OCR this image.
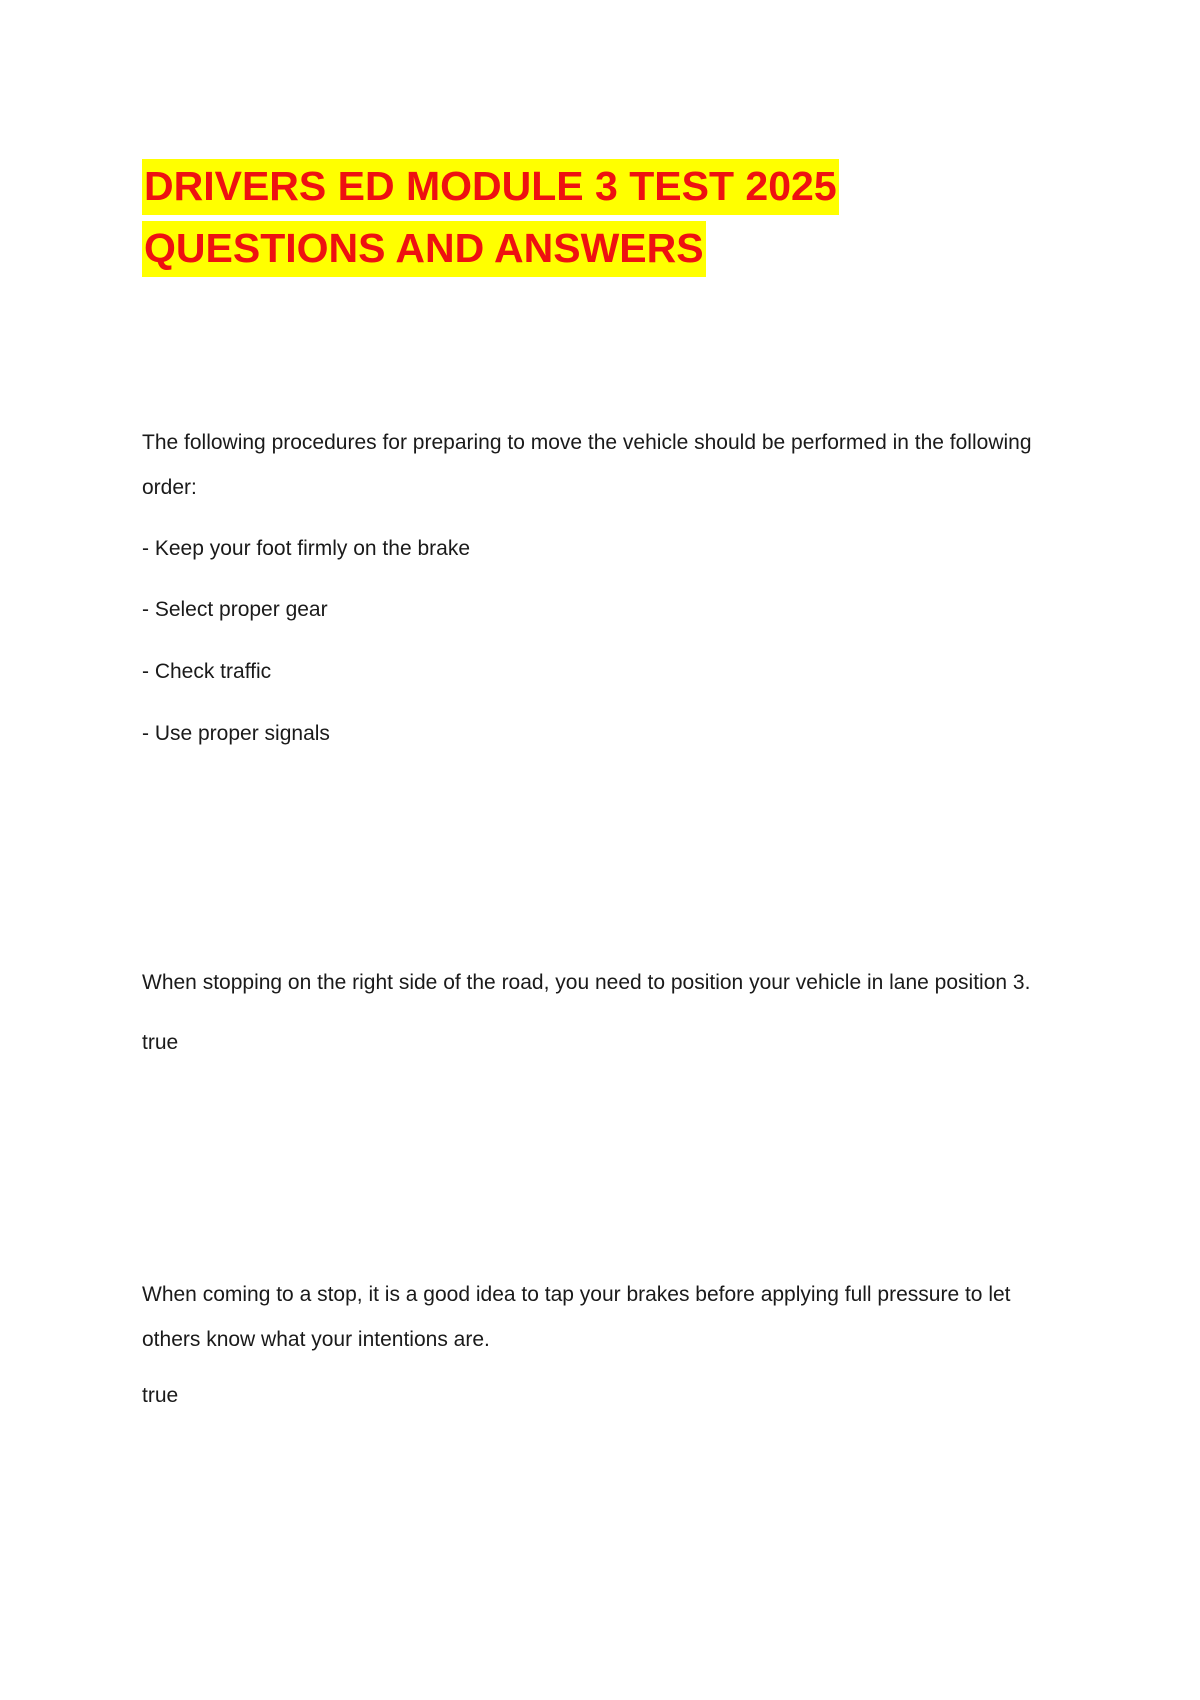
DRIVERS ED MODULE 3 TEST 2025
QUESTIONS AND ANSWERS

The following procedures for preparing to move the vehicle should be performed in the following order:

- Keep your foot firmly on the brake

- Select proper gear

- Check traffic

- Use proper signals

When stopping on the right side of the road, you need to position your vehicle in lane position 3.

true

When coming to a stop, it is a good idea to tap your brakes before applying full pressure to let others know what your intentions are.

true
